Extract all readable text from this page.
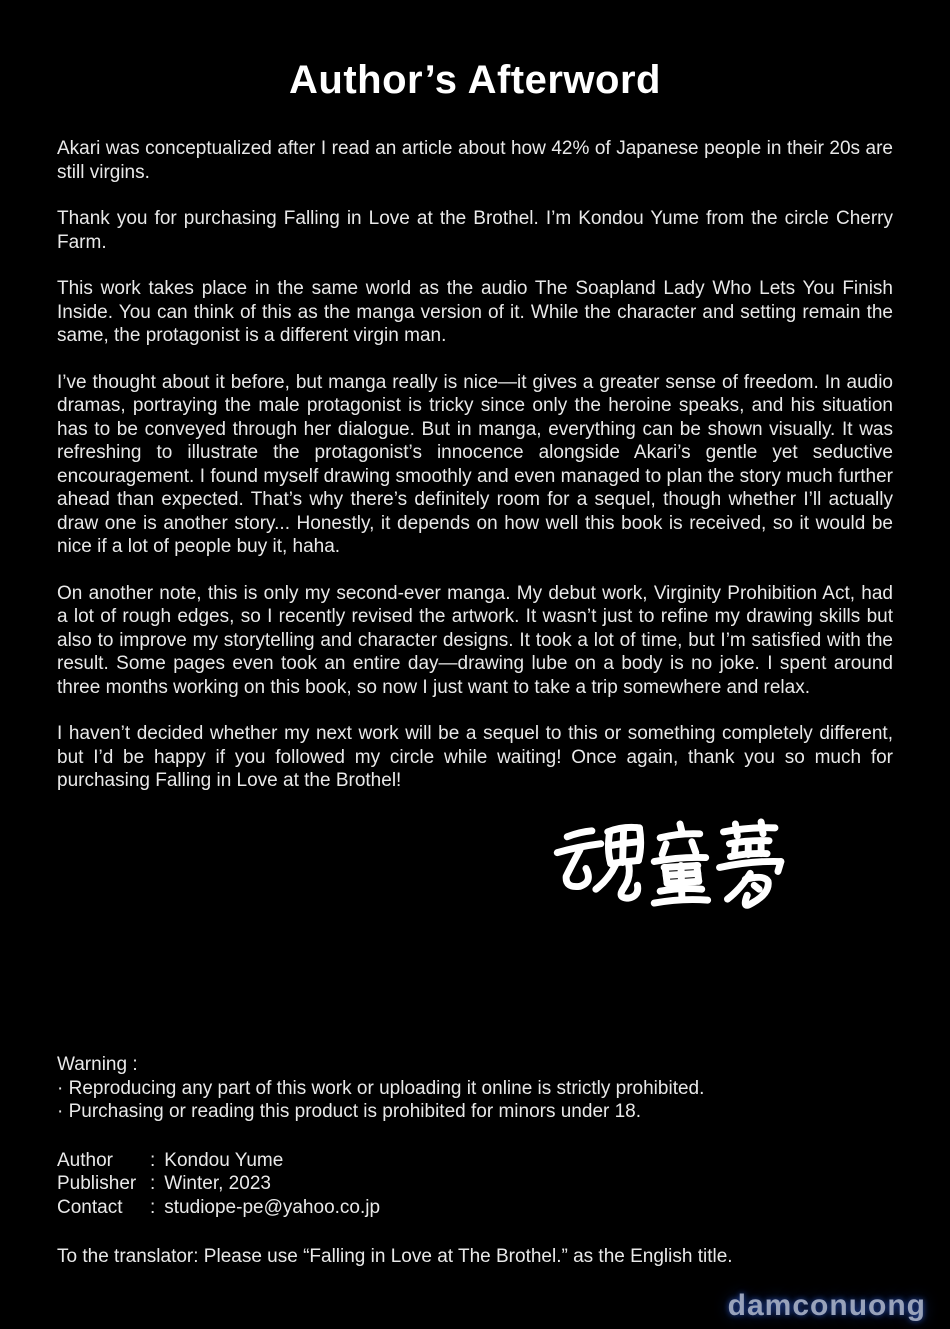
Author’s Afterword

Akari was conceptualized after I read an article about how 42% of Japanese people in their 20s are still virgins.

Thank you for purchasing Falling in Love at the Brothel. I’m Kondou Yume from the circle Cherry Farm.

This work takes place in the same world as the audio The Soapland Lady Who Lets You Finish Inside. You can think of this as the manga version of it. While the character and setting remain the same, the protagonist is a different virgin man.

I’ve thought about it before, but manga really is nice—it gives a greater sense of freedom. In audio dramas, portraying the male protagonist is tricky since only the heroine speaks, and his situation has to be conveyed through her dialogue. But in manga, everything can be shown visually. It was refreshing to illustrate the protagonist’s innocence alongside Akari’s gentle yet seductive encouragement. I found myself drawing smoothly and even managed to plan the story much further ahead than expected. That’s why there’s definitely room for a sequel, though whether I’ll actually draw one is another story... Honestly, it depends on how well this book is received, so it would be nice if a lot of people buy it, haha.

On another note, this is only my second-ever manga. My debut work, Virginity Prohibition Act, had a lot of rough edges, so I recently revised the artwork. It wasn’t just to refine my drawing skills but also to improve my storytelling and character designs. It took a lot of time, but I’m satisfied with the result. Some pages even took an entire day—drawing lube on a body is no joke. I spent around three months working on this book, so now I just want to take a trip somewhere and relax.

I haven’t decided whether my next work will be a sequel to this or something completely different, but I’d be happy if you followed my circle while waiting! Once again, thank you so much for purchasing Falling in Love at the Brothel!

Warning :
· Reproducing any part of this work or uploading it online is strictly prohibited.
· Purchasing or reading this product is prohibited for minors under 18.
Author	: Kondou Yume
Publisher : Winter, 2023
Contact	: studiope-pe@yahoo.co.jp
To the translator: Please use “Falling in Love at The Brothel.” as the English title.
damconuong
